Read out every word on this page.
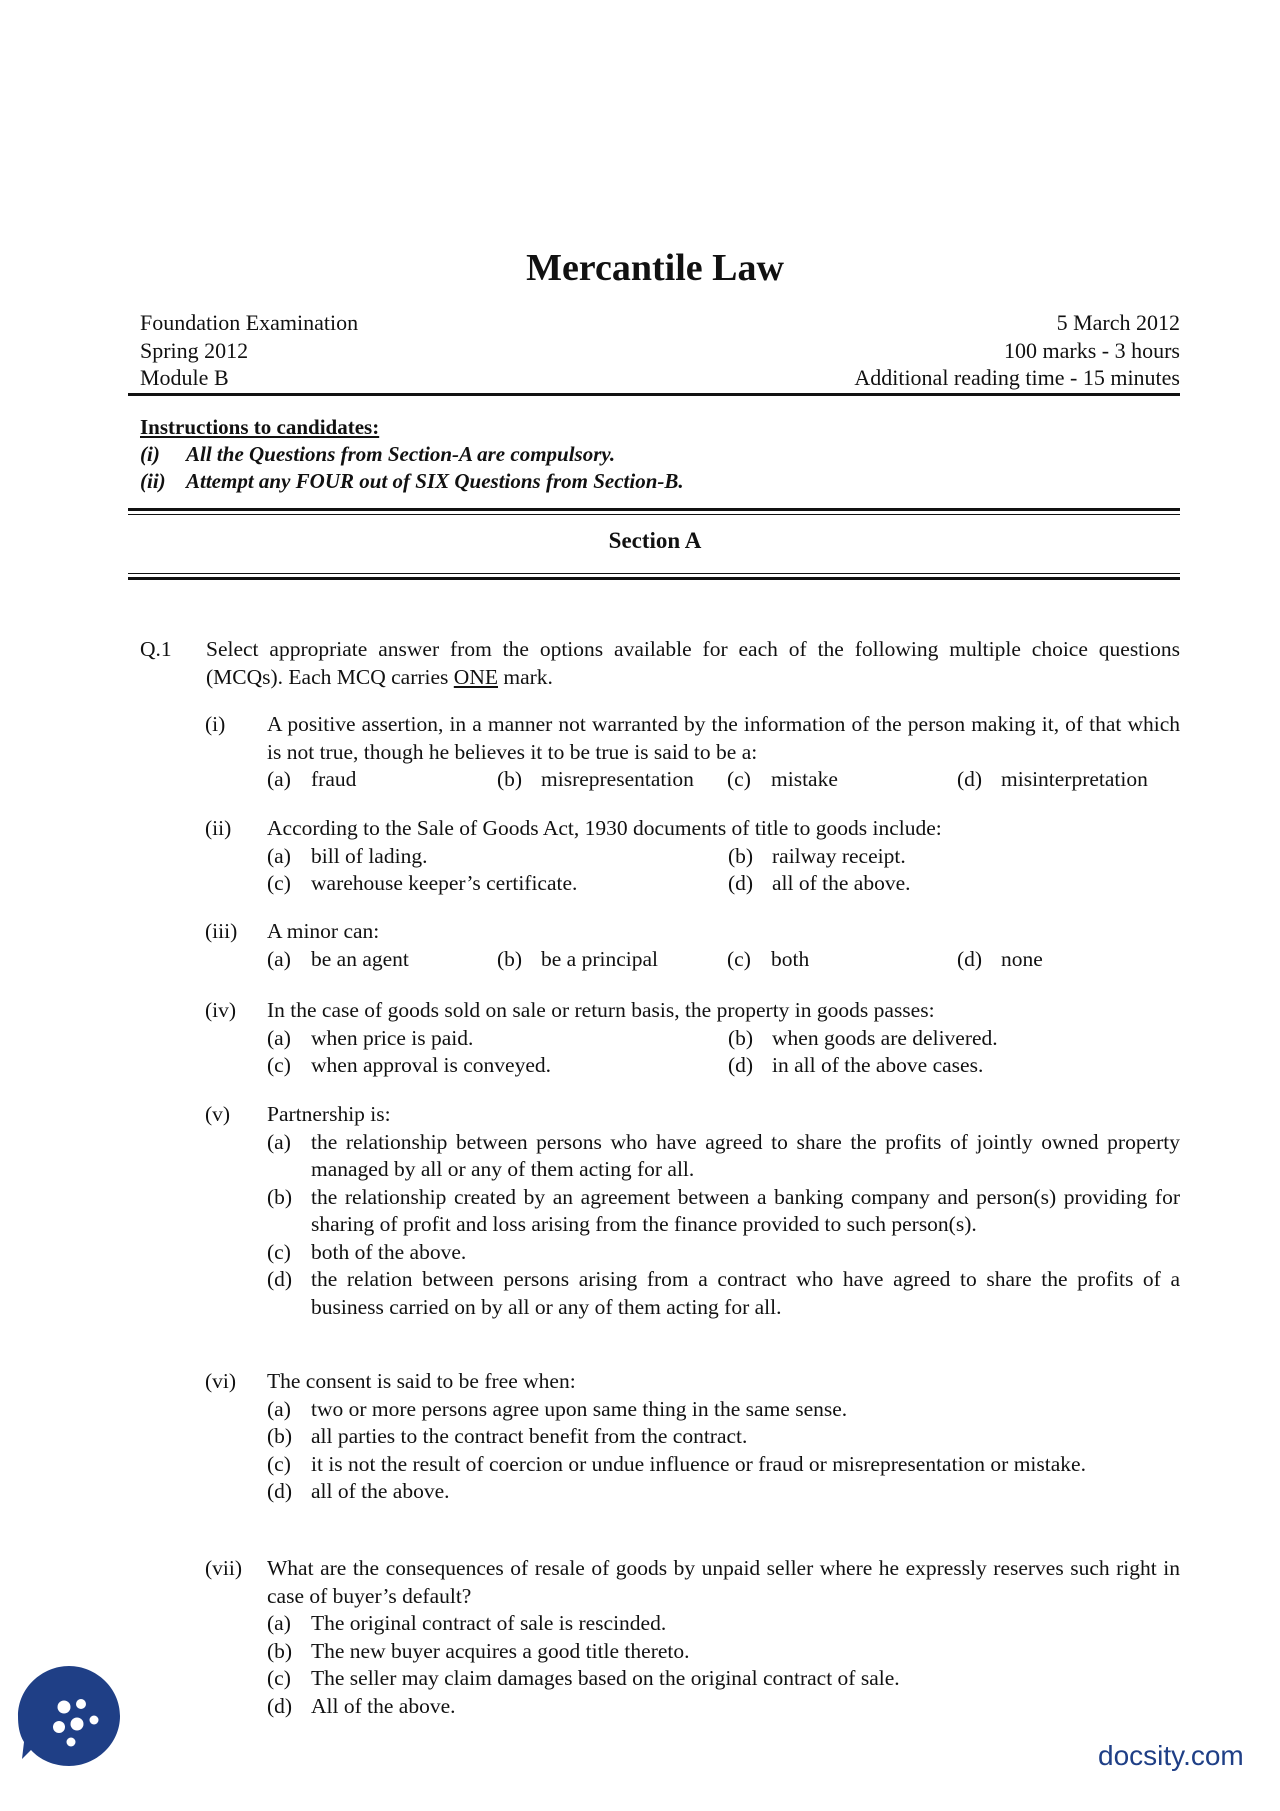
Mercantile Law
Foundation Examination	5 March 2012
Spring 2012	100 marks - 3 hours
Module B	Additional reading time - 15 minutes
Instructions to candidates:
(i)	All the Questions from Section-A are compulsory.
(ii) Attempt any FOUR out of SIX Questions from Section-B.
Section A
Q.1 Select appropriate answer from the options available for each of the following multiple choice questions (MCQs). Each MCQ carries ONE mark.
(i) A positive assertion, in a manner not warranted by the information of the person making it, of that which is not true, though he believes it to be true is said to be a:
(a) fraud	(b) misrepresentation (c) mistake	(d) misinterpretation
(ii) According to the Sale of Goods Act, 1930 documents of title to goods include:
(a) bill of lading.	(b) railway receipt.
(c) warehouse keeper’s certificate.	(d) all of the above.
(iii) A minor can:
(a) be an agent	(b) be a principal	(c) both	(d) none
(iv) In the case of goods sold on sale or return basis, the property in goods passes:
(a) when price is paid.	(b) when goods are delivered.
(c) when approval is conveyed.	(d) in all of the above cases.
(v) Partnership is:
(a) the relationship between persons who have agreed to share the profits of jointly owned property managed by all or any of them acting for all.
(b) the relationship created by an agreement between a banking company and person(s) providing for sharing of profit and loss arising from the finance provided to such person(s).
(c) both of the above.
(d) the relation between persons arising from a contract who have agreed to share the profits of a business carried on by all or any of them acting for all.
(vi) The consent is said to be free when:
(a) two or more persons agree upon same thing in the same sense.
(b) all parties to the contract benefit from the contract.
(c) it is not the result of coercion or undue influence or fraud or misrepresentation or mistake.
(d) all of the above.
(vii) What are the consequences of resale of goods by unpaid seller where he expressly reserves such right in case of buyer’s default?
(a) The original contract of sale is rescinded.
(b) The new buyer acquires a good title thereto.
(c) The seller may claim damages based on the original contract of sale.
(d) All of the above.
docsity.com
